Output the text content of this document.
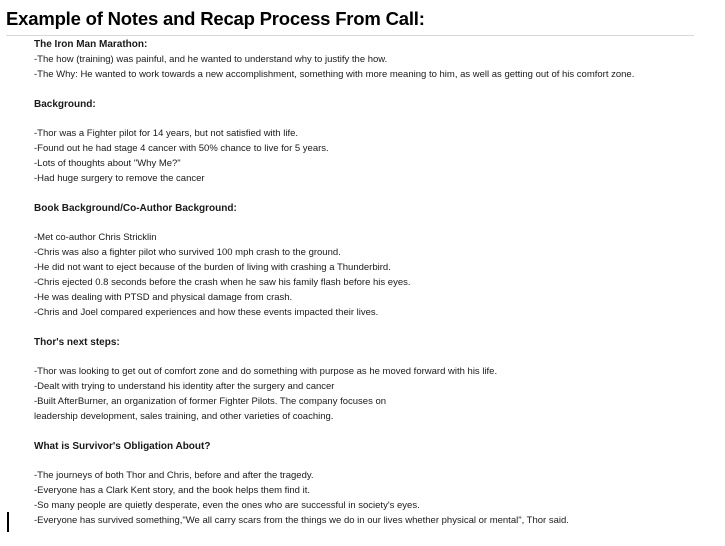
Example of Notes and Recap Process From Call:
The Iron Man Marathon:
-The how (training) was painful, and he wanted to understand why to justify the how.
-The Why: He wanted to work towards a new accomplishment, something with more meaning to him, as well as getting out of his comfort zone.
Background:
-Thor was a Fighter pilot for 14 years, but not satisfied with life.
-Found out he had stage 4 cancer with 50% chance to live for 5 years.
-Lots of thoughts about "Why Me?"
-Had huge surgery to remove the cancer
Book Background/Co-Author Background:
-Met co-author Chris Stricklin
-Chris was also a fighter pilot who survived 100 mph crash to the ground.
-He did not want to eject because of the burden of living with crashing a Thunderbird.
-Chris ejected 0.8 seconds before the crash when he saw his family flash before his eyes.
-He was dealing with PTSD and physical damage from crash.
-Chris and Joel compared experiences and how these events impacted their lives.
Thor's next steps:
-Thor was looking to get out of comfort zone and do something with purpose as he moved forward with his life.
-Dealt with trying to understand his identity after the surgery and cancer
-Built AfterBurner, an organization of former Fighter Pilots. The company focuses on
leadership development, sales training, and other varieties of coaching.
What is Survivor's Obligation About?
-The journeys of both Thor and Chris, before and after the tragedy.
-Everyone has a Clark Kent story, and the book helps them find it.
-So many people are quietly desperate, even the ones who are successful in society's eyes.
-Everyone has survived something,"We all carry scars from the things we do in our lives whether physical or mental", Thor said.
